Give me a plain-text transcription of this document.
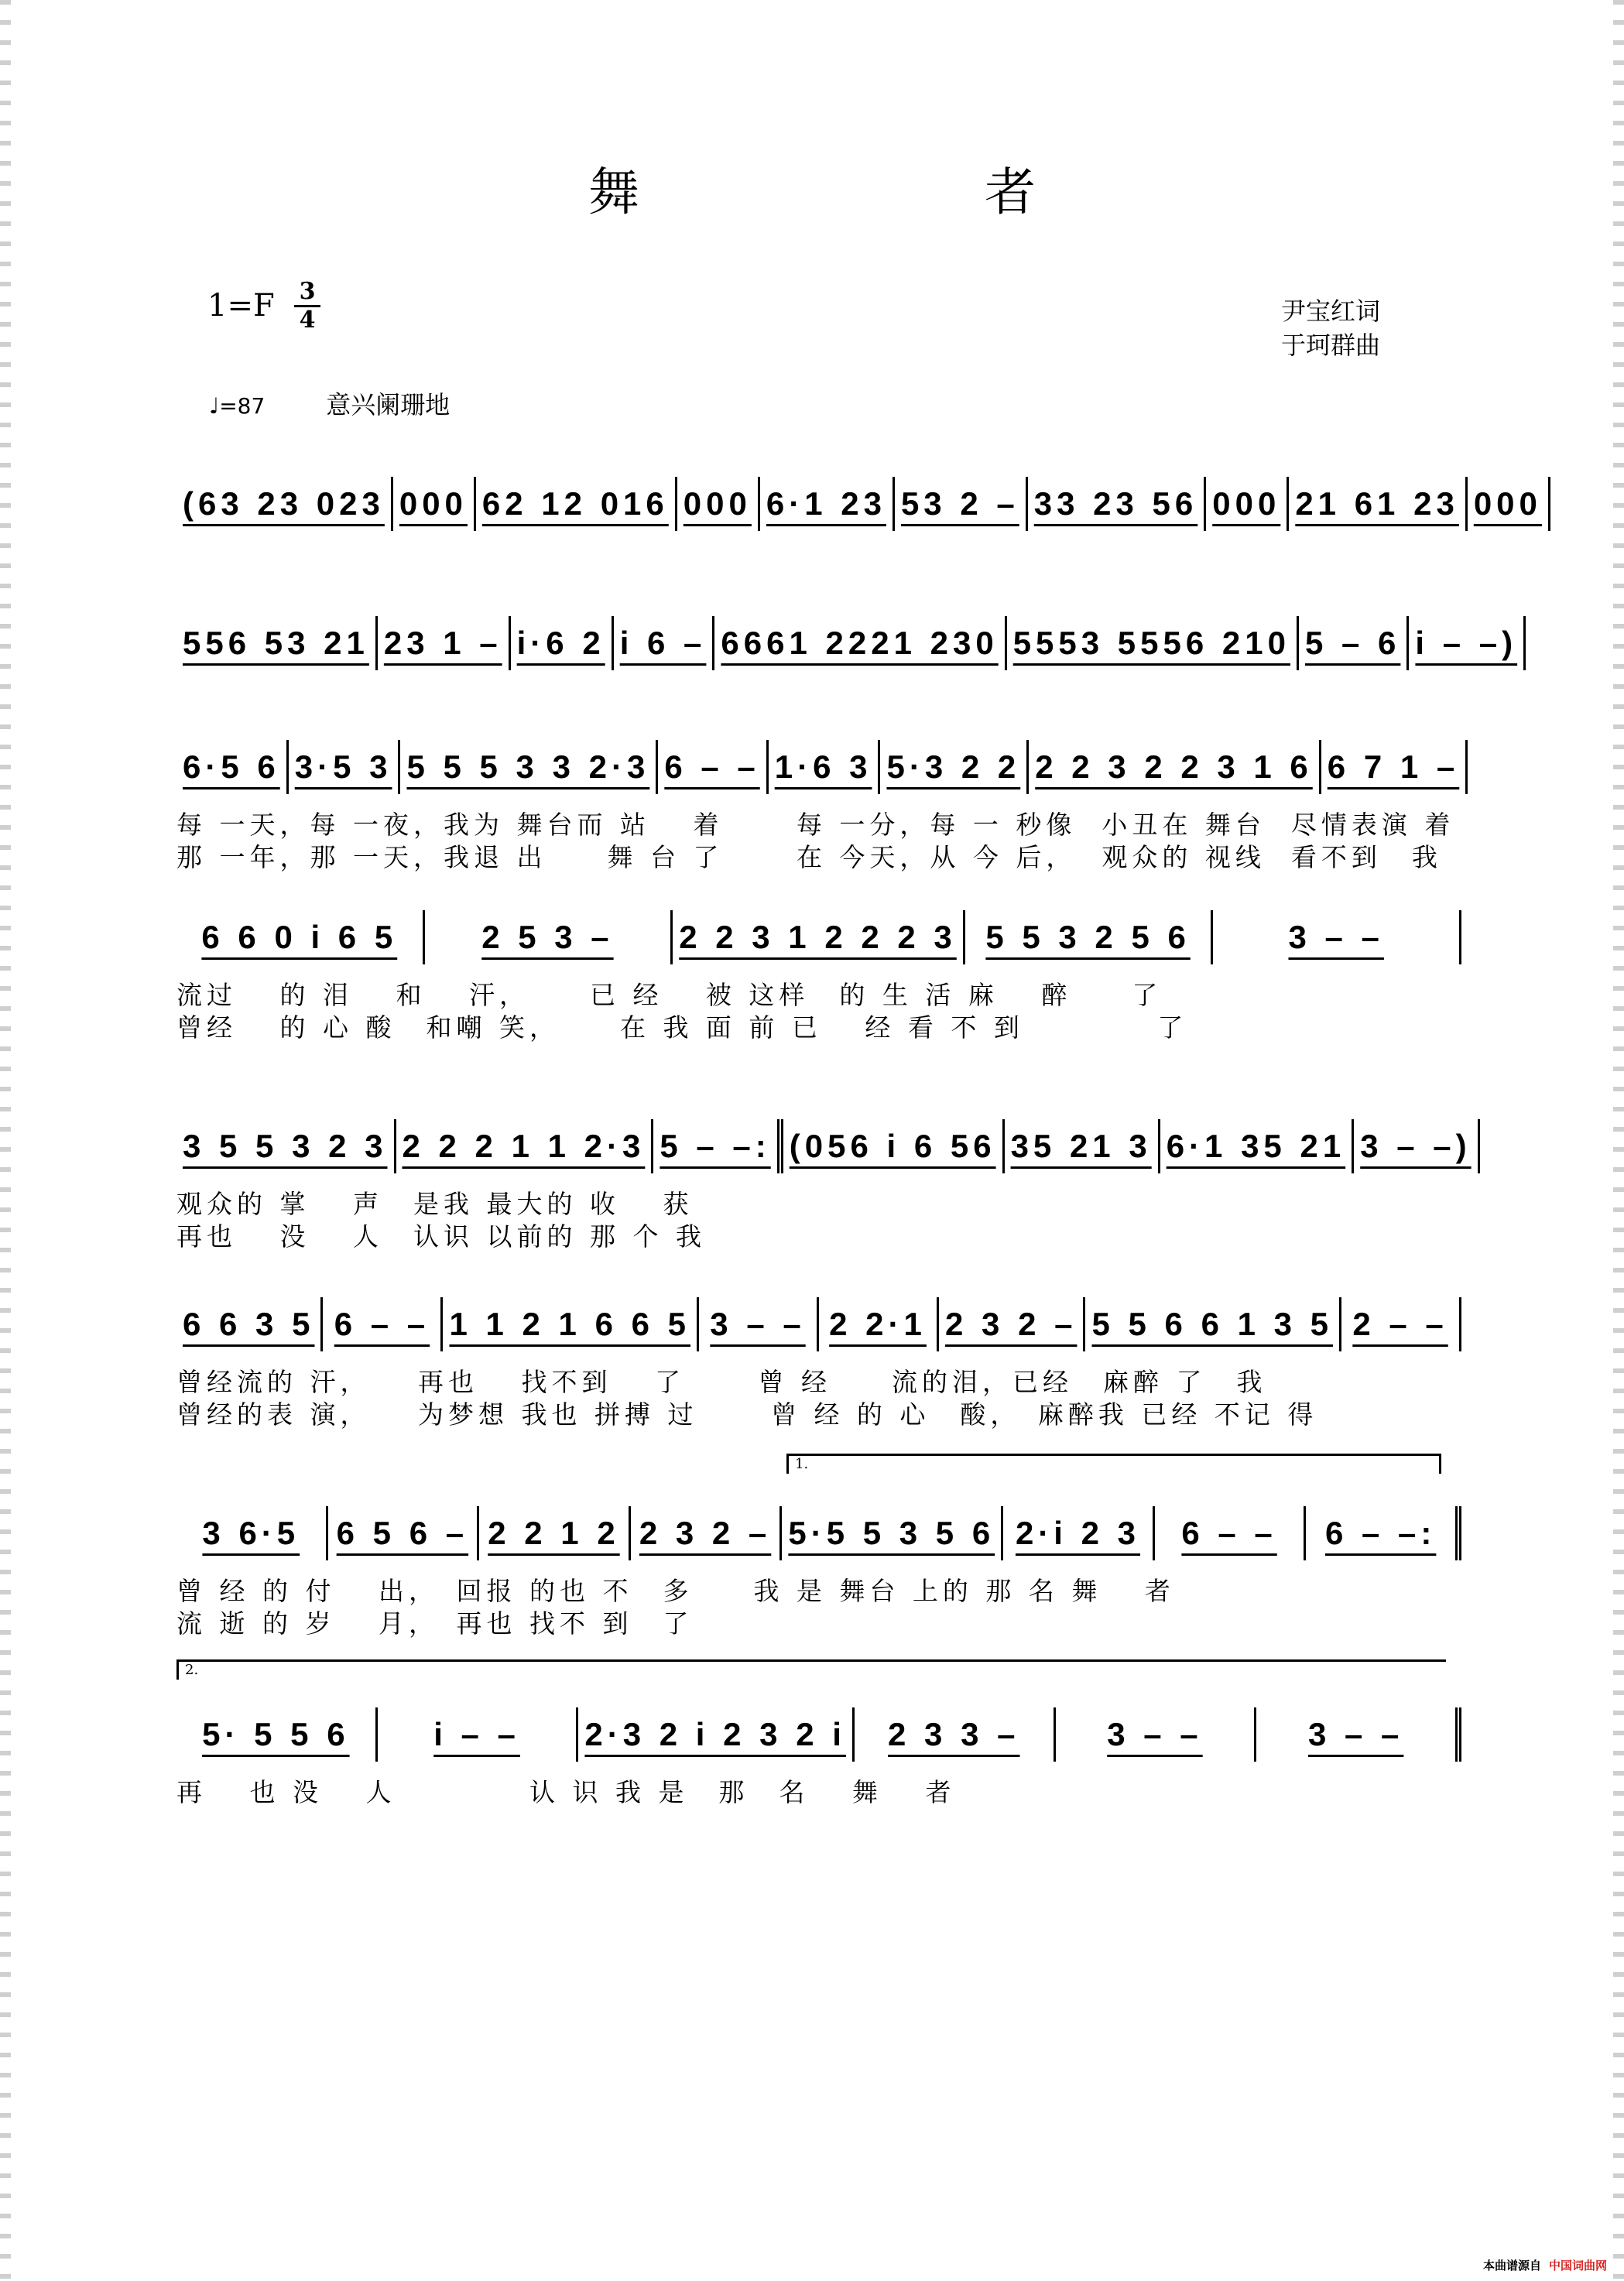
舞　者
1=F 3
4	尹宝红词
于珂群曲
♩=87 意兴阑珊地
(63 23 023 000 62 12 016 000 6·1 23 53 2 – 33 23 56 000 21 61 23 000
556 53 21 23 1 – i·6 2 i 6 – 6661 2221 230 5553 5556 210 5 – 6 i – –)
6·5 6 3·5 3 5 5 5 3 3 2·3 6 – – 1·6 3 5·3 2 2 2 2 3 2 2 3 1 6 6 7 1 –
每 一天，每 一夜，我为 舞台而 站　 着　　 每 一分，每 一 秒像  小丑在 舞台  尽情表演 着
那 一年，那 一天，我退 出　　舞 台 了　　 在 今天，从 今 后，  观众的 视线  看不到　我
6 6 0 i 6 5	2 5 3 – 2 2 3 1 2 2 2 3 5 5 3 2 5 6	3 – –
流过　 的 泪　 和　 汗，　　 已 经　 被 这样　的 生 活 麻　 醉　　了
曾经　 的 心 酸　和嘲 笑，　　 在 我 面 前 已　 经 看 不 到　　　　 了
3 5 5 3 2 3 2 2 2 1 1 2·3 5 – –: (056 i 6 56 35 21 3 6·1 35 21 3 – –)
观众的 掌　 声　是我 最大的 收　 获
再也　 没　 人　认识 以前的 那 个 我
6 6 3 5 6 – – 1 1 2 1 6 6 5 3 – – 2 2·1 2 3 2 – 5 5 6 6 1 3 5 2 – –
曾经流的 汗，　　再也　 找不到　 了　　 曾 经　　流的泪，已经　麻醉 了　我
曾经的表 演，　　为梦想 我也 拼搏 过　　 曾 经 的 心　酸，　麻醉我 已经 不记 得
3 6·5 6 5 6 – 2 2 1 2 2 3 2 – 5·5 5 3 5 6 2·i 2 3 6 – – 6 – –:
曾 经 的 付　 出，　回报 的也 不　多　　我 是 舞台 上的 那 名 舞　 者
流 逝 的 岁　 月，　再也 找不 到　了
5· 5 5 6	i – – 2·3 2 i 2 3 2 i 2 3 3 –	3 – –	3 – –
再　 也 没　 人　　　　 认 识 我 是　那　名　 舞　 者
1.
2.
本曲谱源自 中国词曲网
